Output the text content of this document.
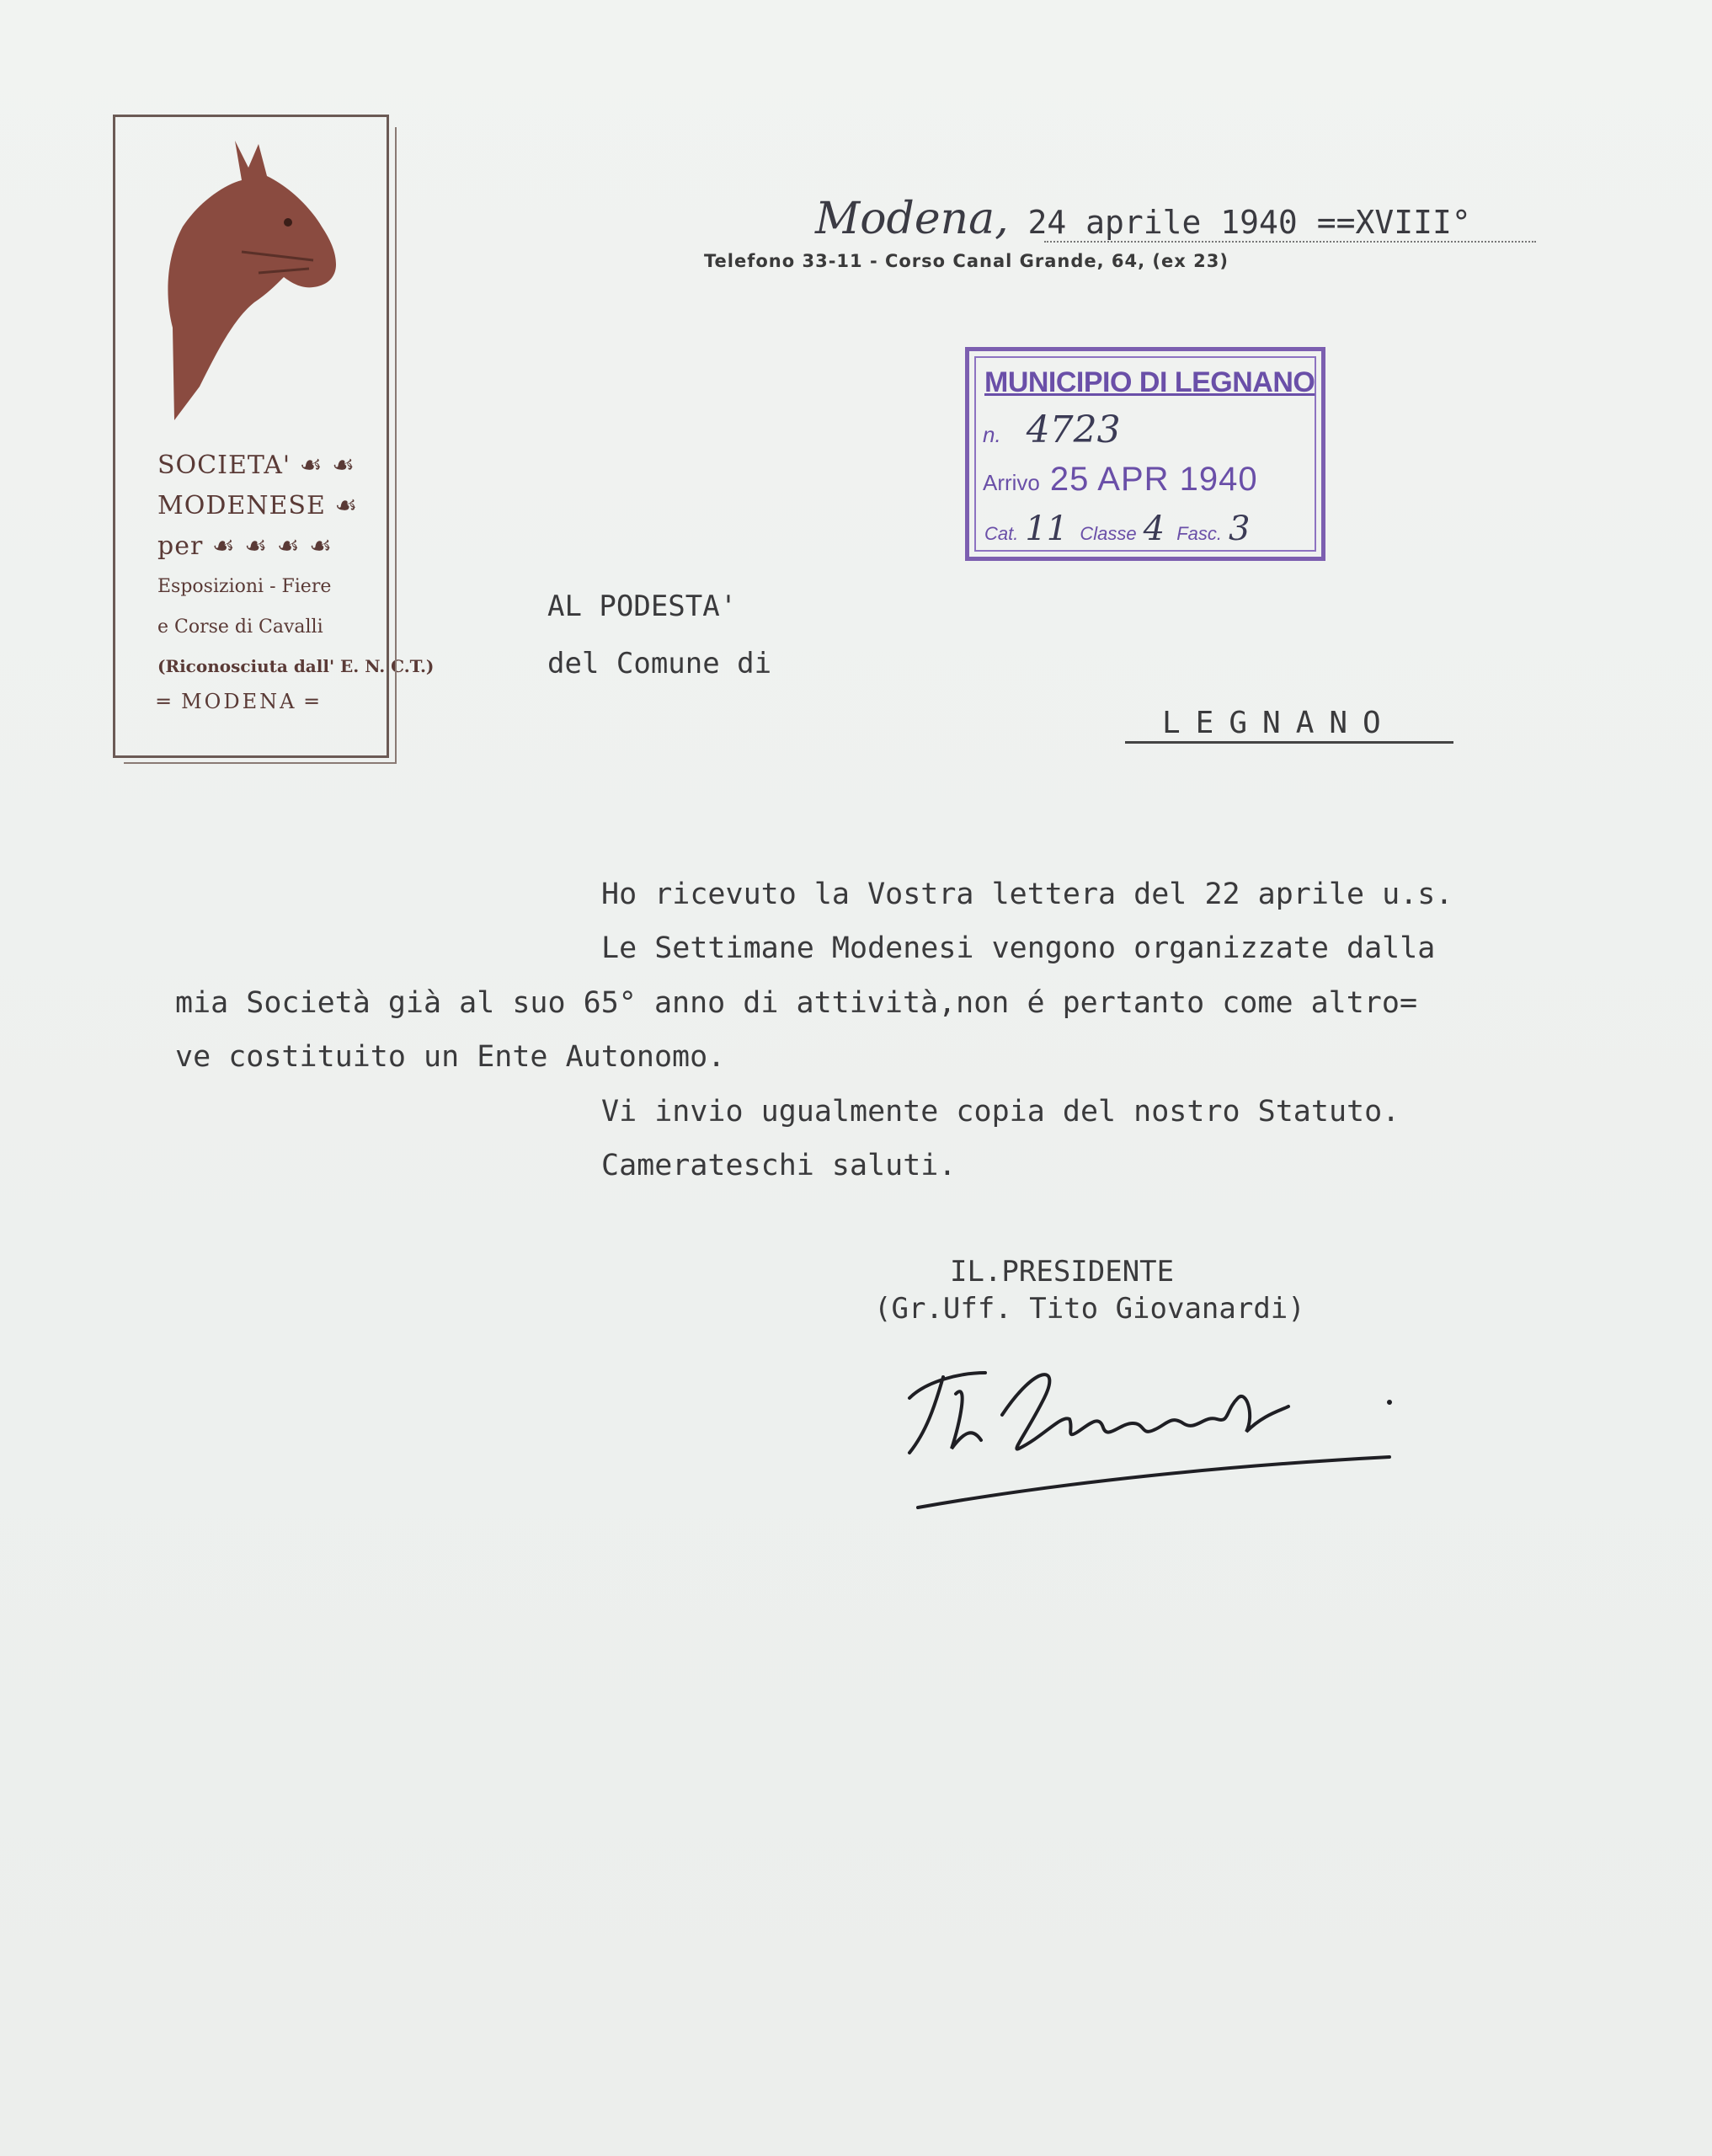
SOCIETA' ☙ ☙
MODENESE ☙
per ☙ ☙ ☙ ☙
Esposizioni - Fiere
e Corse di Cavalli
(Riconosciuta dall' E. N. C.T.)
═ MODENA ═
Modena, 24 aprile 1940 ==XVIII°
Telefono 33-11 - Corso Canal Grande, 64, (ex 23)
MUNICIPIO DI LEGNANO
n. 4723
Arrivo 25 APR 1940
Cat. 11 Classe 4 Fasc. 3
AL PODESTA'
del Comune di
LEGNANO
Ho ricevuto la Vostra lettera del 22 aprile u.s.
Le Settimane Modenesi vengono organizzate dalla
mia Società già al suo 65° anno di attività,non é pertanto come altro=
ve costituito un Ente Autonomo.
Vi invio ugualmente copia del nostro Statuto.
Camerateschi saluti.
IL.PRESIDENTE
(Gr.Uff. Tito Giovanardi)
